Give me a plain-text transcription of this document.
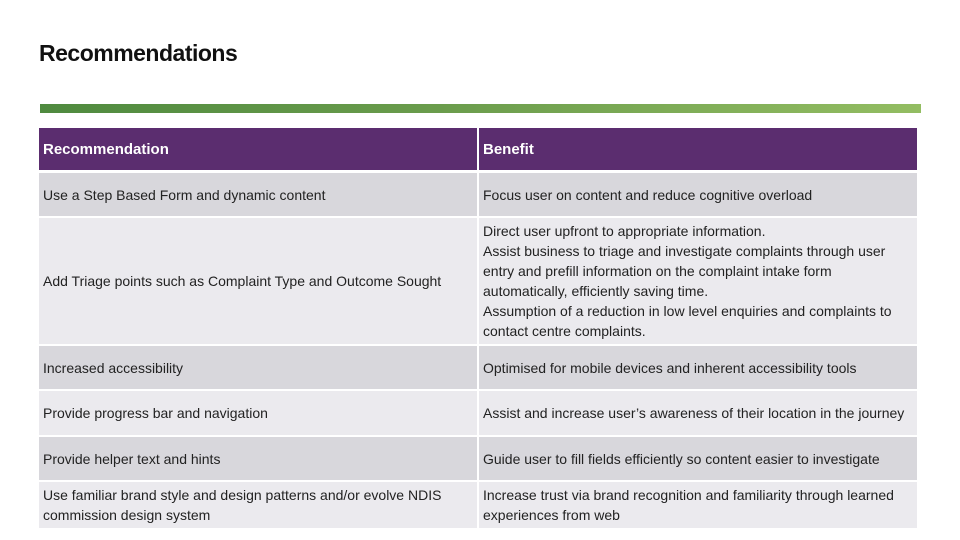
Recommendations
Recommendation	Benefit
Use a Step Based Form and dynamic content	Focus user on content and reduce cognitive overload

Add Triage points such as Complaint Type and Outcome Sought	Direct user upfront to appropriate information.
Assist business to triage and investigate complaints through user entry and prefill information on the complaint intake form automatically, efficiently saving time.
Assumption of a reduction in low level enquiries and complaints to contact centre complaints.

Increased accessibility	Optimised for mobile devices and inherent accessibility tools

Provide progress bar and navigation	Assist and increase user’s awareness of their location in the journey

Provide helper text and hints	Guide user to fill fields efficiently so content easier to investigate

Use familiar brand style and design patterns and/or evolve NDIS commission design system	Increase trust via brand recognition and familiarity through learned experiences from web
